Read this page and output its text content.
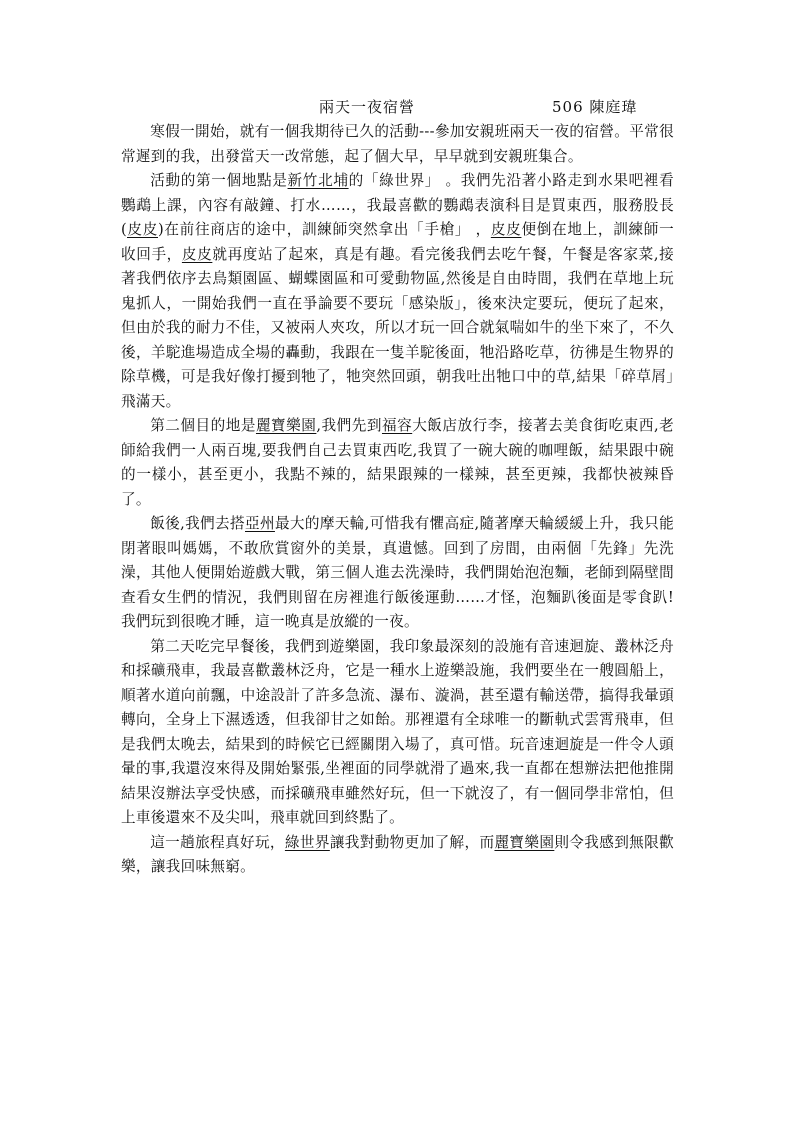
兩天一夜宿營	506 陳庭瑋

寒假一開始，就有一個我期待已久的活動---參加安親班兩天一夜的宿營。平常很常遲到的我，出發當天一改常態，起了個大早，早早就到安親班集合。

活動的第一個地點是新竹北埔的「綠世界」 。我們先沿著小路走到水果吧裡看鸚鵡上課，內容有敲鐘、打水……，我最喜歡的鸚鵡表演科目是買東西，服務股長(皮皮)在前往商店的途中，訓練師突然拿出「手槍」 ，皮皮便倒在地上，訓練師一收回手，皮皮就再度站了起來，真是有趣。看完後我們去吃午餐，午餐是客家菜,接著我們依序去鳥類園區、蝴蝶園區和可愛動物區,然後是自由時間，我們在草地上玩鬼抓人，一開始我們一直在爭論要不要玩「感染版」，後來決定要玩，便玩了起來，但由於我的耐力不佳，又被兩人夾攻，所以才玩一回合就氣喘如牛的坐下來了，不久後，羊駝進場造成全場的轟動，我跟在一隻羊駝後面，牠沿路吃草，彷彿是生物界的除草機，可是我好像打擾到牠了，牠突然回頭，朝我吐出牠口中的草,結果「碎草屑」飛滿天。

第二個目的地是麗寶樂園,我們先到福容大飯店放行李，接著去美食街吃東西,老師給我們一人兩百塊,要我們自己去買東西吃,我買了一碗大碗的咖哩飯，結果跟中碗的一樣小，甚至更小，我點不辣的，結果跟辣的一樣辣，甚至更辣，我都快被辣昏了。

飯後,我們去搭亞州最大的摩天輪,可惜我有懼高症,隨著摩天輪緩緩上升，我只能閉著眼叫媽媽，不敢欣賞窗外的美景，真遺憾。回到了房間，由兩個「先鋒」先洗澡，其他人便開始遊戲大戰，第三個人進去洗澡時，我們開始泡泡麵，老師到隔壁間查看女生們的情況，我們則留在房裡進行飯後運動……才怪，泡麵趴後面是零食趴!我們玩到很晚才睡，這一晚真是放縱的一夜。

第二天吃完早餐後，我們到遊樂園，我印象最深刻的設施有音速迴旋、叢林泛舟和採礦飛車，我最喜歡叢林泛舟，它是一種水上遊樂設施，我們要坐在一艘圓船上，順著水道向前飄，中途設計了許多急流、瀑布、漩渦，甚至還有輸送帶，搞得我暈頭轉向，全身上下濕透透，但我卻甘之如飴。那裡還有全球唯一的斷軌式雲霄飛車，但是我們太晚去，結果到的時候它已經關閉入場了，真可惜。玩音速迴旋是一件令人頭暈的事,我還沒來得及開始緊張,坐裡面的同學就滑了過來,我一直都在想辦法把他推開結果沒辦法享受快感，而採礦飛車雖然好玩，但一下就沒了，有一個同學非常怕，但上車後還來不及尖叫，飛車就回到終點了。

這一趟旅程真好玩，綠世界讓我對動物更加了解，而麗寶樂園則令我感到無限歡樂，讓我回味無窮。
